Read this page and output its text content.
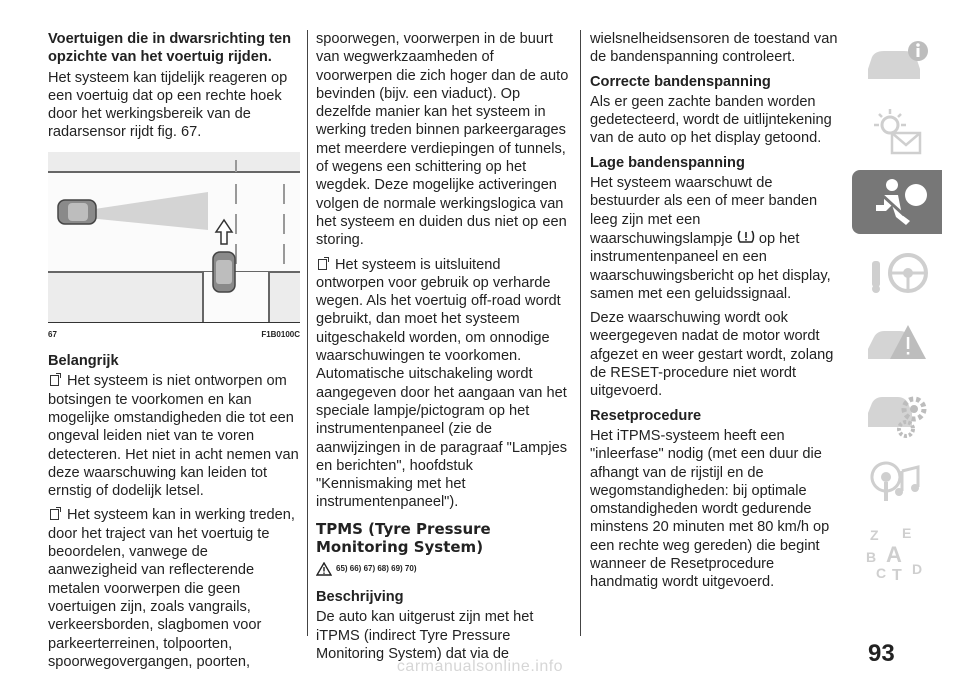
Voertuigen die in dwarsrichting ten opzichte van het voertuig rijden.

Het systeem kan tijdelijk reageren op een voertuig dat op een rechte hoek door het werkingsbereik van de radarsensor rijdt fig. 67.

67	F1B0100C
Belangrijk

Het systeem is niet ontworpen om botsingen te voorkomen en kan mogelijke omstandigheden die tot een ongeval leiden niet van te voren detecteren. Het niet in acht nemen van deze waarschuwing kan leiden tot ernstig of dodelijk letsel.

Het systeem kan in werking treden, door het traject van het voertuig te beoordelen, vanwege de aanwezigheid van reflecterende metalen voorwerpen die geen voertuigen zijn, zoals vangrails, verkeersborden, slagbomen voor parkeerterreinen, tolpoorten, spoorwegovergangen, poorten,

spoorwegen, voorwerpen in de buurt van wegwerkzaamheden of voorwerpen die zich hoger dan de auto bevinden (bijv. een viaduct). Op dezelfde manier kan het systeem in werking treden binnen parkeergarages met meerdere verdiepingen of tunnels, of wegens een schittering op het wegdek. Deze mogelijke activeringen volgen de normale werkingslogica van het systeem en duiden dus niet op een storing.

Het systeem is uitsluitend ontworpen voor gebruik op verharde wegen. Als het voertuig off-road wordt gebruikt, dan moet het systeem uitgeschakeld worden, om onnodige waarschuwingen te voorkomen. Automatische uitschakeling wordt aangegeven door het aangaan van het speciale lampje/pictogram op het instrumentenpaneel (zie de aanwijzingen in de paragraaf "Lampjes en berichten", hoofdstuk "Kennismaking met het instrumentenpaneel").

TPMS (Tyre Pressure Monitoring System)
65) 66) 67) 68) 69) 70)
Beschrijving

De auto kan uitgerust zijn met het iTPMS (indirect Tyre Pressure Monitoring System) dat via de

wielsnelheidsensoren de toestand van de bandenspanning controleert.

Correcte bandenspanning

Als er geen zachte banden worden gedetecteerd, wordt de uitlijntekening van de auto op het display getoond.

Lage bandenspanning

Het systeem waarschuwt de bestuurder als een of meer banden leeg zijn met een waarschuwingslampje op het instrumentenpaneel en een waarschuwingsbericht op het display, samen met een geluidssignaal.

Deze waarschuwing wordt ook weergegeven nadat de motor wordt afgezet en weer gestart wordt, zolang de RESET-procedure niet wordt uitgevoerd.

Resetprocedure

Het iTPMS-systeem heeft een "inleerfase" nodig (met een duur die afhangt van de rijstijl en de wegomstandigheden: bij optimale omstandigheden wordt gedurende minstens 20 minuten met 80 km/h op een rechte weg gereden) die begint wanneer de Resetprocedure handmatig wordt uitgevoerd.

Z E
B A
C T D
93
carmanualsonline.info
